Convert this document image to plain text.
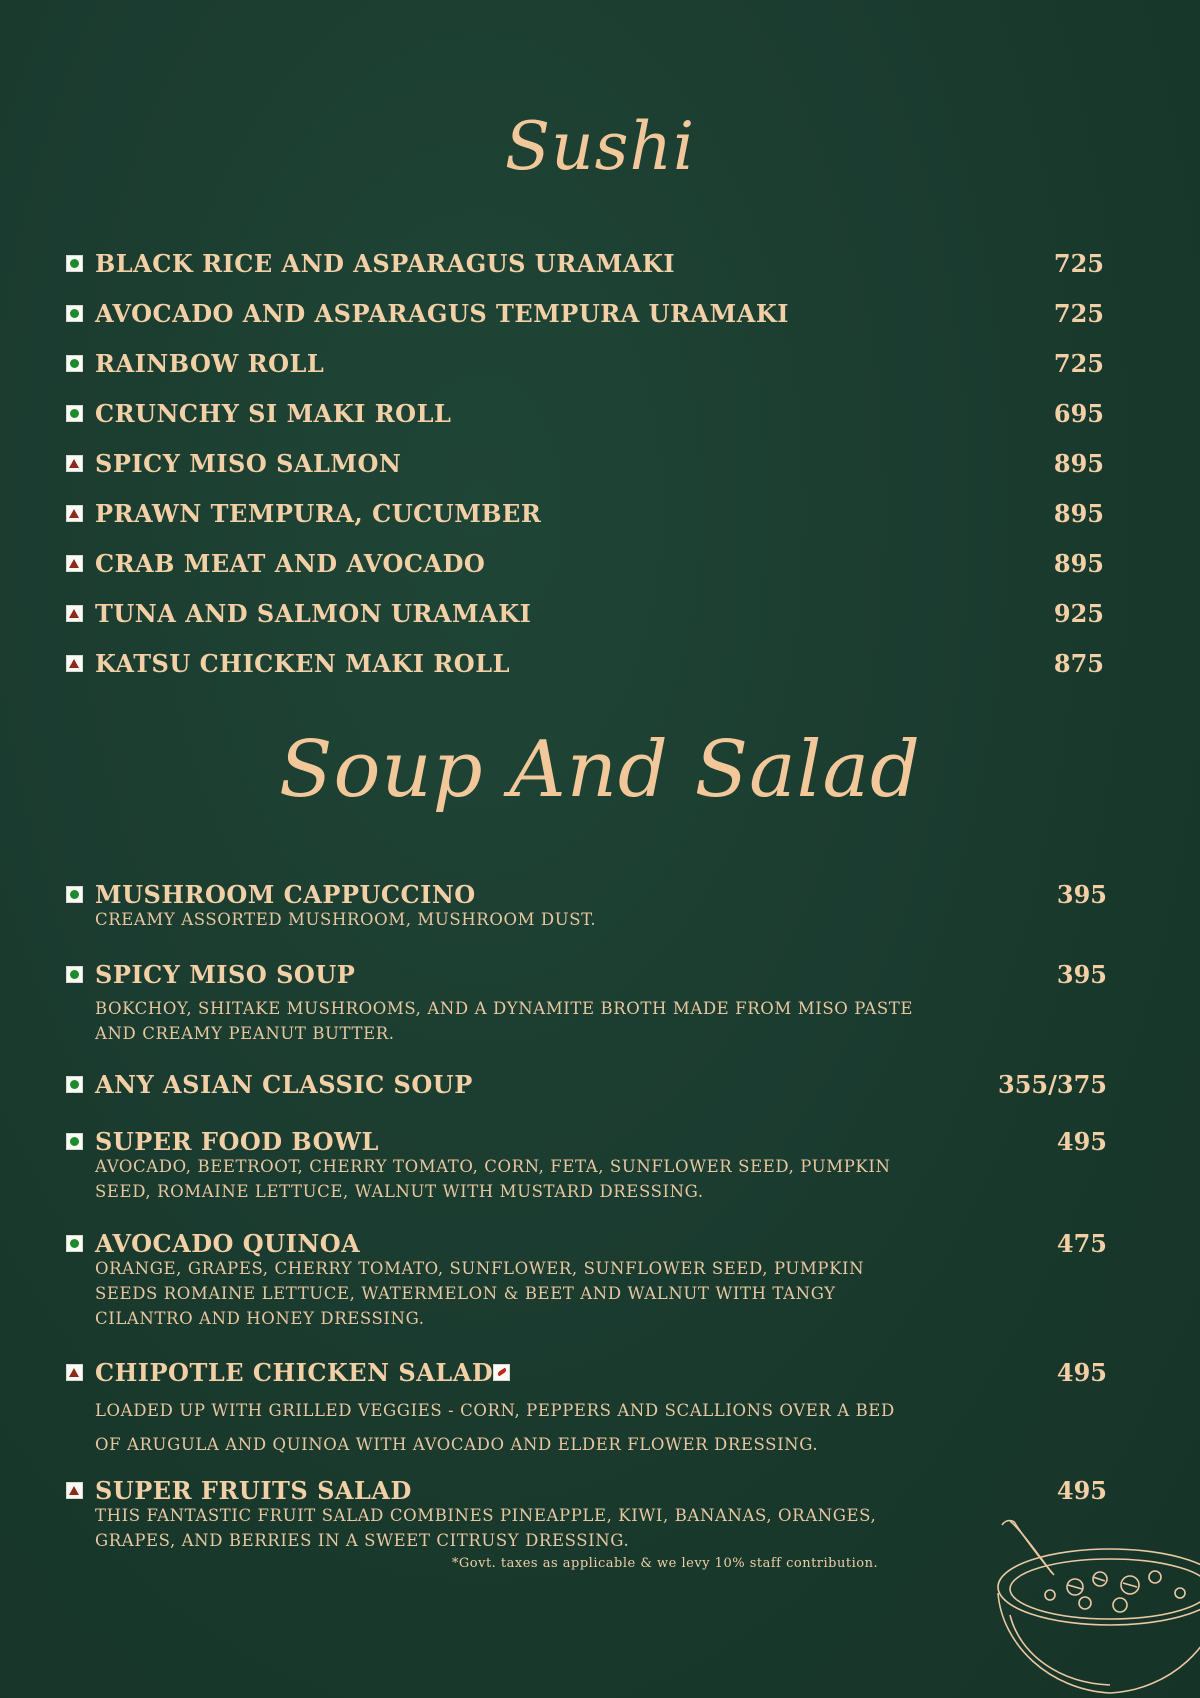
Sushi
BLACK RICE AND ASPARAGUS URAMAKI	725
AVOCADO AND ASPARAGUS TEMPURA URAMAKI	725
RAINBOW ROLL	725
CRUNCHY SI MAKI ROLL	695
SPICY MISO SALMON	895
PRAWN TEMPURA, CUCUMBER	895
CRAB MEAT AND AVOCADO	895
TUNA AND SALMON URAMAKI	925
KATSU CHICKEN MAKI ROLL	875
Soup And Salad
MUSHROOM CAPPUCCINO	395
CREAMY ASSORTED MUSHROOM, MUSHROOM DUST.
SPICY MISO SOUP	395
BOKCHOY, SHITAKE MUSHROOMS, AND A DYNAMITE BROTH MADE FROM MISO PASTE AND CREAMY PEANUT BUTTER.
ANY ASIAN CLASSIC SOUP	355/375
SUPER FOOD BOWL	495
AVOCADO, BEETROOT, CHERRY TOMATO, CORN, FETA, SUNFLOWER SEED, PUMPKIN SEED, ROMAINE LETTUCE, WALNUT WITH MUSTARD DRESSING.
AVOCADO QUINOA	475
ORANGE, GRAPES, CHERRY TOMATO, SUNFLOWER, SUNFLOWER SEED, PUMPKIN SEEDS ROMAINE LETTUCE, WATERMELON & BEET AND WALNUT WITH TANGY CILANTRO AND HONEY DRESSING.
CHIPOTLE CHICKEN SALAD	495
LOADED UP WITH GRILLED VEGGIES - CORN, PEPPERS AND SCALLIONS OVER A BED OF ARUGULA AND QUINOA WITH AVOCADO AND ELDER FLOWER DRESSING.
SUPER FRUITS SALAD	495
THIS FANTASTIC FRUIT SALAD COMBINES PINEAPPLE, KIWI, BANANAS, ORANGES, GRAPES, AND BERRIES IN A SWEET CITRUSY DRESSING.
*Govt. taxes as applicable & we levy 10% staff contribution.
